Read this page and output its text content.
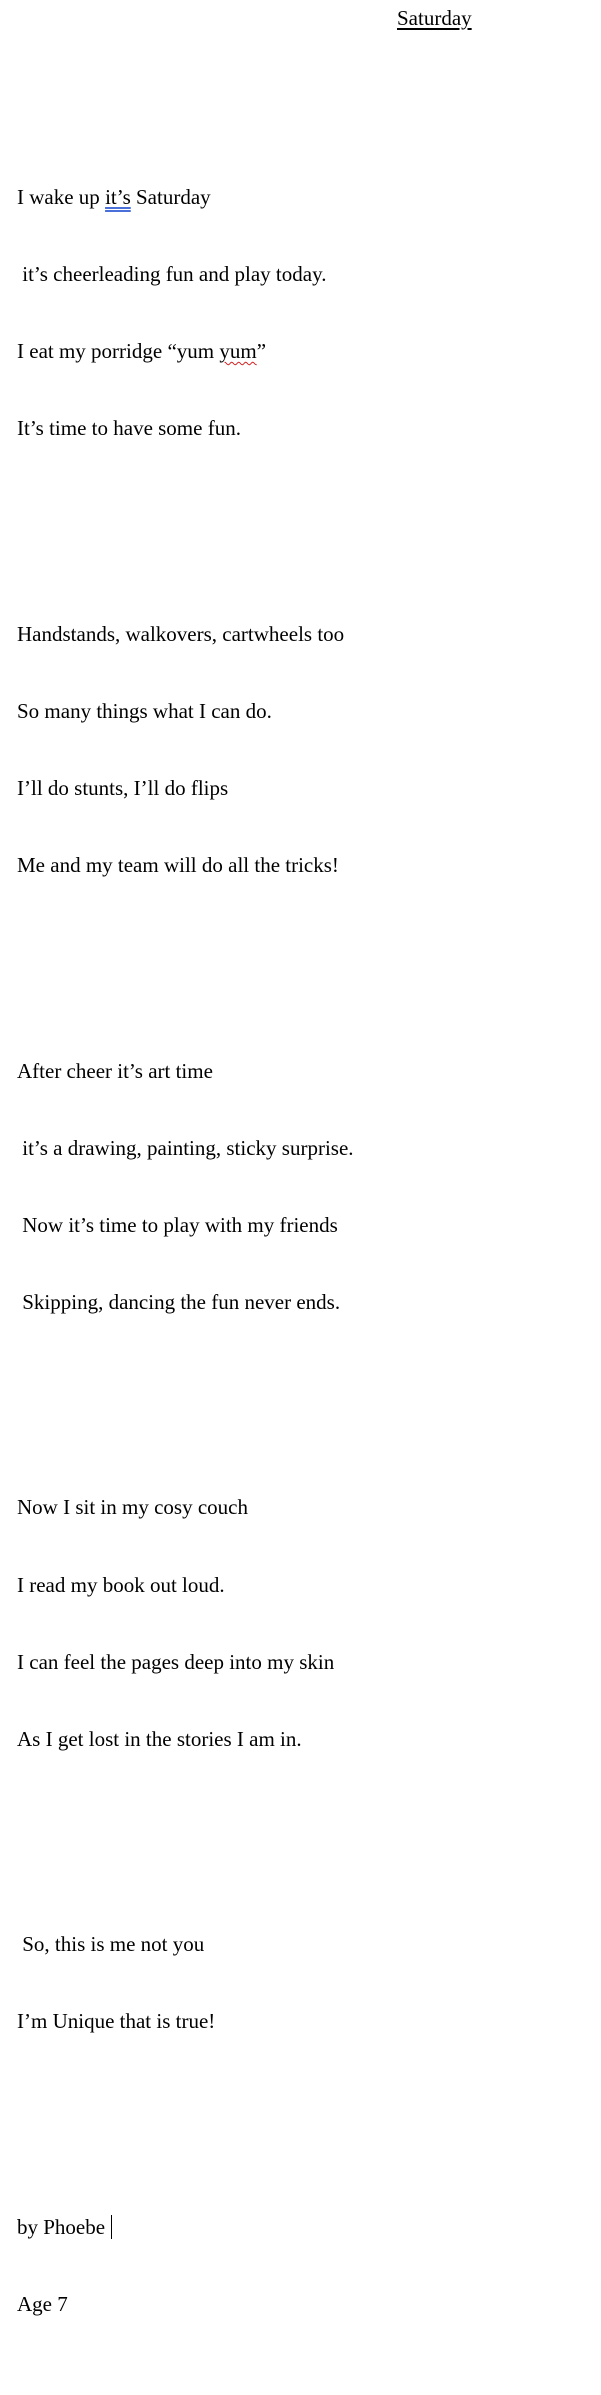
Saturday

I wake up it’s Saturday

it’s cheerleading fun and play today.

I eat my porridge “yum yum”

It’s time to have some fun.

Handstands, walkovers, cartwheels too

So many things what I can do.

I’ll do stunts, I’ll do flips

Me and my team will do all the tricks!

After cheer it’s art time

it’s a drawing, painting, sticky surprise.

Now it’s time to play with my friends

Skipping, dancing the fun never ends.

Now I sit in my cosy couch

I read my book out loud.

I can feel the pages deep into my skin

As I get lost in the stories I am in.

So, this is me not you

I’m Unique that is true!

by Phoebe

Age 7
